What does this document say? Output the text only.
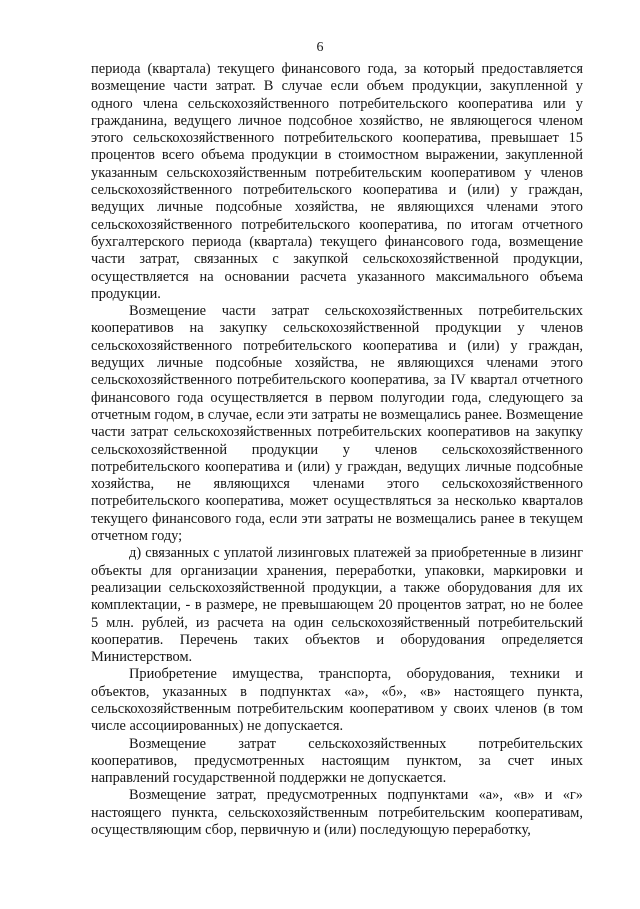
6

периода (квартала) текущего финансового года, за который предоставляется возмещение части затрат. В случае если объем продукции, закупленной у одного члена сельскохозяйственного потребительского кооператива или у гражданина, ведущего личное подсобное хозяйство, не являющегося членом этого сельскохозяйственного потребительского кооператива, превышает 15 процентов всего объема продукции в стоимостном выражении, закупленной указанным сельскохозяйственным потребительским кооперативом у членов сельскохозяйственного потребительского кооператива и (или) у граждан, ведущих личные подсобные хозяйства, не являющихся членами этого сельскохозяйственного потребительского кооператива, по итогам отчетного бухгалтерского периода (квартала) текущего финансового года, возмещение части затрат, связанных с закупкой сельскохозяйственной продукции, осуществляется на основании расчета указанного максимального объема продукции.

Возмещение части затрат сельскохозяйственных потребительских кооперативов на закупку сельскохозяйственной продукции у членов сельскохозяйственного потребительского кооператива и (или) у граждан, ведущих личные подсобные хозяйства, не являющихся членами этого сельскохозяйственного потребительского кооператива, за IV квартал отчетного финансового года осуществляется в первом полугодии года, следующего за отчетным годом, в случае, если эти затраты не возмещались ранее. Возмещение части затрат сельскохозяйственных потребительских кооперативов на закупку сельскохозяйственной продукции у членов сельскохозяйственного потребительского кооператива и (или) у граждан, ведущих личные подсобные хозяйства, не являющихся членами этого сельскохозяйственного потребительского кооператива, может осуществляться за несколько кварталов текущего финансового года, если эти затраты не возмещались ранее в текущем отчетном году;

д) связанных с уплатой лизинговых платежей за приобретенные в лизинг объекты для организации хранения, переработки, упаковки, маркировки и реализации сельскохозяйственной продукции, а также оборудования для их комплектации, - в размере, не превышающем 20 процентов затрат, но не более 5 млн. рублей, из расчета на один сельскохозяйственный потребительский кооператив. Перечень таких объектов и оборудования определяется Министерством.

Приобретение имущества, транспорта, оборудования, техники и объектов, указанных в подпунктах «а», «б», «в» настоящего пункта, сельскохозяйственным потребительским кооперативом у своих членов (в том числе ассоциированных) не допускается.

Возмещение затрат сельскохозяйственных потребительских кооперативов, предусмотренных настоящим пунктом, за счет иных направлений государственной поддержки не допускается.

Возмещение затрат, предусмотренных подпунктами «а», «в» и «г» настоящего пункта, сельскохозяйственным потребительским кооперативам, осуществляющим сбор, первичную и (или) последующую переработку,
